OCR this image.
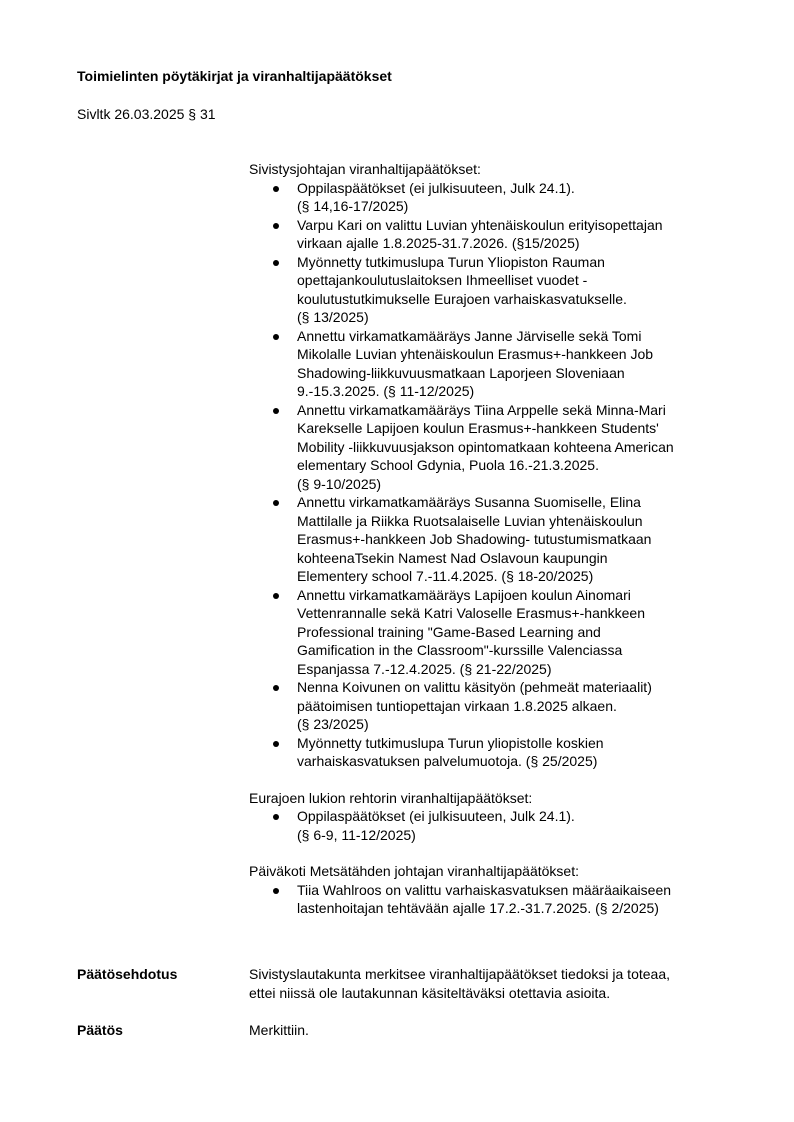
Toimielinten pöytäkirjat ja viranhaltijapäätökset
Sivltk 26.03.2025 § 31
Sivistysjohtajan viranhaltijapäätökset:
Oppilaspäätökset (ei julkisuuteen, Julk 24.1).
(§ 14,16-17/2025)
Varpu Kari on valittu Luvian yhtenäiskoulun erityisopettajan
virkaan ajalle 1.8.2025-31.7.2026. (§15/2025)
Myönnetty tutkimuslupa Turun Yliopiston Rauman
opettajankoulutuslaitoksen Ihmeelliset vuodet -
koulutustutkimukselle Eurajoen varhaiskasvatukselle.
(§ 13/2025)
Annettu virkamatkamääräys Janne Järviselle sekä Tomi
Mikolalle Luvian yhtenäiskoulun Erasmus+-hankkeen Job
Shadowing-liikkuvuusmatkaan Laporjeen Sloveniaan
9.-15.3.2025. (§ 11-12/2025)
Annettu virkamatkamääräys Tiina Arppelle sekä Minna-Mari
Karekselle Lapijoen koulun Erasmus+-hankkeen Students'
Mobility -liikkuvuusjakson opintomatkaan kohteena American
elementary School Gdynia, Puola 16.-21.3.2025.
(§ 9-10/2025)
Annettu virkamatkamääräys Susanna Suomiselle, Elina
Mattilalle ja Riikka Ruotsalaiselle Luvian yhtenäiskoulun
Erasmus+-hankkeen Job Shadowing- tutustumismatkaan
kohteenaTsekin Namest Nad Oslavoun kaupungin
Elementery school 7.-11.4.2025. (§ 18-20/2025)
Annettu virkamatkamääräys Lapijoen koulun Ainomari
Vettenrannalle sekä Katri Valoselle Erasmus+-hankkeen
Professional training "Game-Based Learning and
Gamification in the Classroom"-kurssille Valenciassa
Espanjassa 7.-12.4.2025. (§ 21-22/2025)
Nenna Koivunen on valittu käsityön (pehmeät materiaalit)
päätoimisen tuntiopettajan virkaan 1.8.2025 alkaen.
(§ 23/2025)
Myönnetty tutkimuslupa Turun yliopistolle koskien
varhaiskasvatuksen palvelumuotoja. (§ 25/2025)
Eurajoen lukion rehtorin viranhaltijapäätökset:
Oppilaspäätökset (ei julkisuuteen, Julk 24.1).
(§ 6-9, 11-12/2025)
Päiväkoti Metsätähden johtajan viranhaltijapäätökset:
Tiia Wahlroos on valittu varhaiskasvatuksen määräaikaiseen
lastenhoitajan tehtävään ajalle 17.2.-31.7.2025. (§ 2/2025)
Päätösehdotus	Sivistyslautakunta merkitsee viranhaltijapäätökset tiedoksi ja toteaa,
ettei niissä ole lautakunnan käsiteltäväksi otettavia asioita.
Päätös	Merkittiin.
